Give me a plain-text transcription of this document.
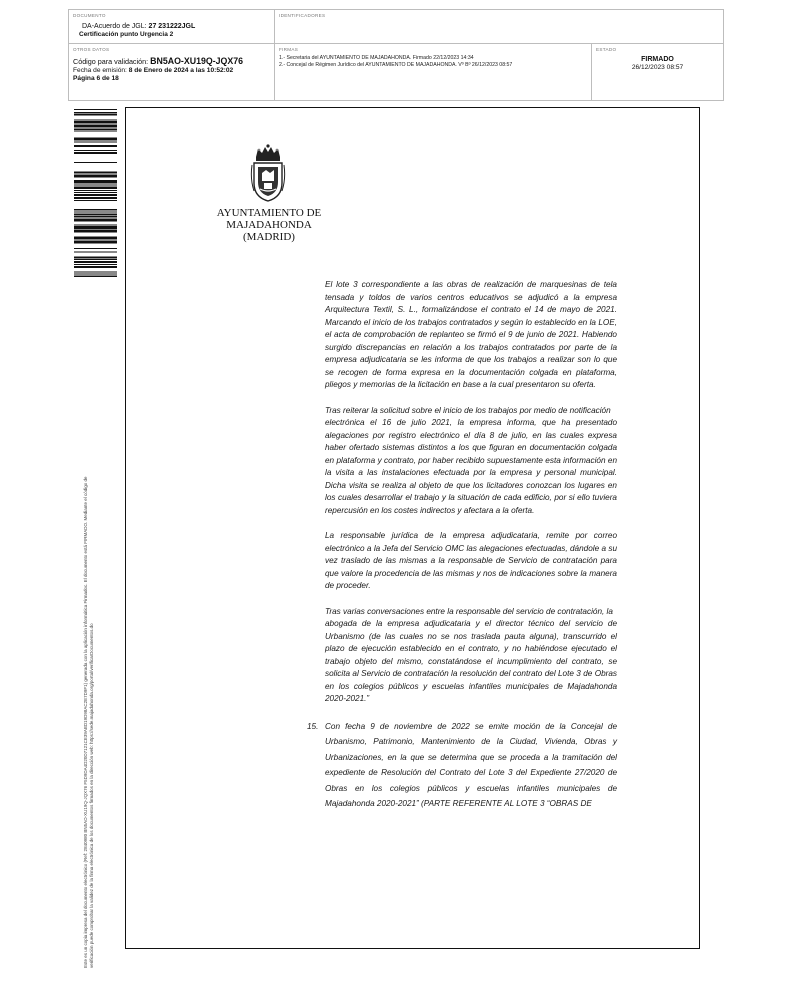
DOCUMENTO
DA-Acuerdo de JGL: 27 231222JGL
Certificación punto Urgencia 2
IDENTIFICADORES
OTROS DATOS
Código para validación: BN5AO-XU19Q-JQX76
Fecha de emisión: 8 de Enero de 2024 a las 10:52:02
Página 6 de 18
FIRMAS
1.- Secretaria del AYUNTAMIENTO DE MAJADAHONDA. Firmado 22/12/2023 14:34
2.- Concejal de Régimen Jurídico del AYUNTAMIENTO DE MAJADAHONDA. Vº Bº 26/12/2023 08:57
ESTADO
FIRMADO
26/12/2023 08:57
Este es un copia impresa del documento electrónico (Ref: 2840980 BN5AO-XU19Q-JQX76 F5D9DA4D20D7121CE39ABD19D98AC2E7D9F1) generada con la aplicación informática Firmadoc. El documento está FIRMADO. Mediante el código de verificación puede comprobar la validez de la firma electrónica de los documentos firmados en la dirección web: https://sede.majadahonda.org/portal/verificarDocumentos.do
AYUNTAMIENTO DE
MAJADAHONDA
(MADRID)

El lote 3 correspondiente a las obras de realización de marquesinas de tela tensada y toldos de varios centros educativos se adjudicó a la empresa Arquitectura Textil, S. L., formalizándose el contrato el 14 de mayo de 2021. Marcando el inicio de los trabajos contratados y según lo establecido en la LOE, el acta de comprobación de replanteo se firmó el 9 de junio de 2021. Habiendo surgido discrepancias en relación a los trabajos contratados por parte de la empresa adjudicataria se les informa de que los trabajos a realizar son lo que se recogen de forma expresa en la documentación colgada en plataforma, pliegos y memorias de la licitación en base a la cual presentaron su oferta.

Tras reiterar la solicitud sobre el inicio de los trabajos por medio de notificación
electrónica el 16 de julio 2021, la empresa informa, que ha presentado alegaciones por registro electrónico el día 8 de julio, en las cuales expresa haber ofertado sistemas distintos a los que figuran en documentación colgada en plataforma y contrato, por haber recibido supuestamente esta información en la visita a las instalaciones efectuada por la empresa y personal municipal. Dicha visita se realiza al objeto de que los licitadores conozcan los lugares en los cuales desarrollar el trabajo y la situación de cada edificio, por si ello tuviera repercusión en los costes indirectos y afectara a la oferta.

La responsable jurídica de la empresa adjudicataria, remite por correo electrónico a la Jefa del Servicio OMC las alegaciones efectuadas, dándole a su vez traslado de las mismas a la responsable de Servicio de contratación para que valore la procedencia de las mismas y nos de indicaciones sobre la manera de proceder.

Tras varias conversaciones entre la responsable del servicio de contratación, la
abogada de la empresa adjudicataria y el director técnico del servicio de Urbanismo (de las cuales no se nos traslada pauta alguna), transcurrido el plazo de ejecución establecido en el contrato, y no habiéndose ejecutado el trabajo objeto del mismo, constatándose el incumplimiento del contrato, se solicita al Servicio de contratación la resolución del contrato del Lote 3 de Obras en los colegios públicos y escuelas infantiles municipales de Majadahonda 2020-2021.”

15. Con fecha 9 de noviembre de 2022 se emite moción de la Concejal de Urbanismo, Patrimonio, Mantenimiento de la Ciudad, Vivienda, Obras y Urbanizaciones, en la que se determina que se proceda a la tramitación del expediente de Resolución del Contrato del Lote 3 del Expediente 27/2020 de Obras en los colegios públicos y escuelas infantiles municipales de Majadahonda 2020-2021” (PARTE REFERENTE AL LOTE 3 “OBRAS DE
